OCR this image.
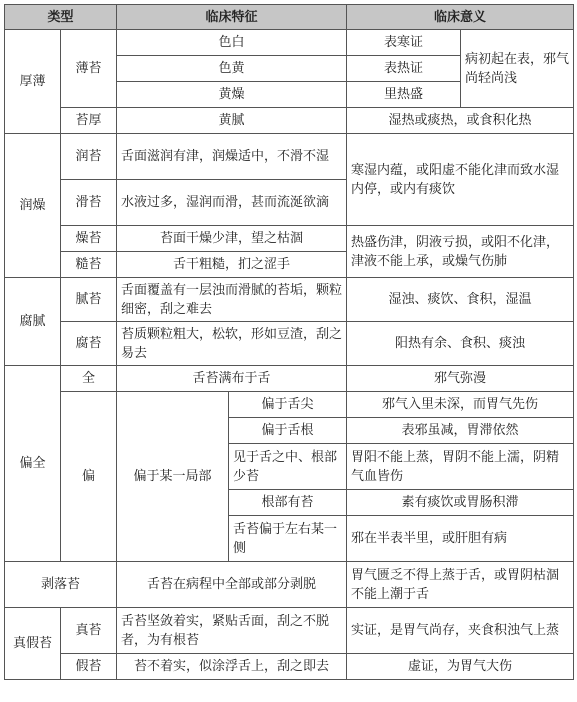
类型		临床特征		临床意义	
厚薄	薄苔	色白		表寒证	病初起在表，邪气尚轻尚浅
		色黄		表热证	
		黄燥		里热盛	
	苔厚	黄腻		湿热或痰热，或食积化热	
润燥	润苔	舌面滋润有津，润燥适中，不滑不湿		寒湿内蕴，或阳虚不能化津而致水湿内停，或内有痰饮	
	滑苔	水液过多，湿润而滑，甚而流涎欲滴			
	燥苔	苔面干燥少津，望之枯涸		热盛伤津，阴液亏损，或阳不化津，津液不能上承，或燥气伤肺	
	糙苔	舌干粗糙，扪之涩手			
腐腻	腻苔	舌面覆盖有一层浊而滑腻的苔垢，颗粒细密，刮之难去		湿浊、痰饮、食积，湿温	
	腐苔	苔质颗粒粗大，松软，形如豆渣，刮之易去		阳热有余、食积、痰浊	
偏全	全	舌苔满布于舌		邪气弥漫	
	偏	偏于某一局部	偏于舌尖	邪气入里未深，而胃气先伤	
			偏于舌根	表邪虽减，胃滞依然	
			见于舌之中、根部少苔	胃阳不能上蒸，胃阴不能上濡，阴精气血皆伤	
			根部有苔	素有痰饮或胃肠积滞	
			舌苔偏于左右某一侧	邪在半表半里，或肝胆有病	
剥落苔		舌苔在病程中全部或部分剥脱		胃气匮乏不得上蒸于舌，或胃阴枯涸不能上潮于舌	
真假苔	真苔	舌苔坚敛着实，紧贴舌面，刮之不脱者，为有根苔		实证，是胃气尚存，夹食积浊气上蒸	
	假苔	苔不着实，似涂浮舌上，刮之即去		虚证，为胃气大伤	
